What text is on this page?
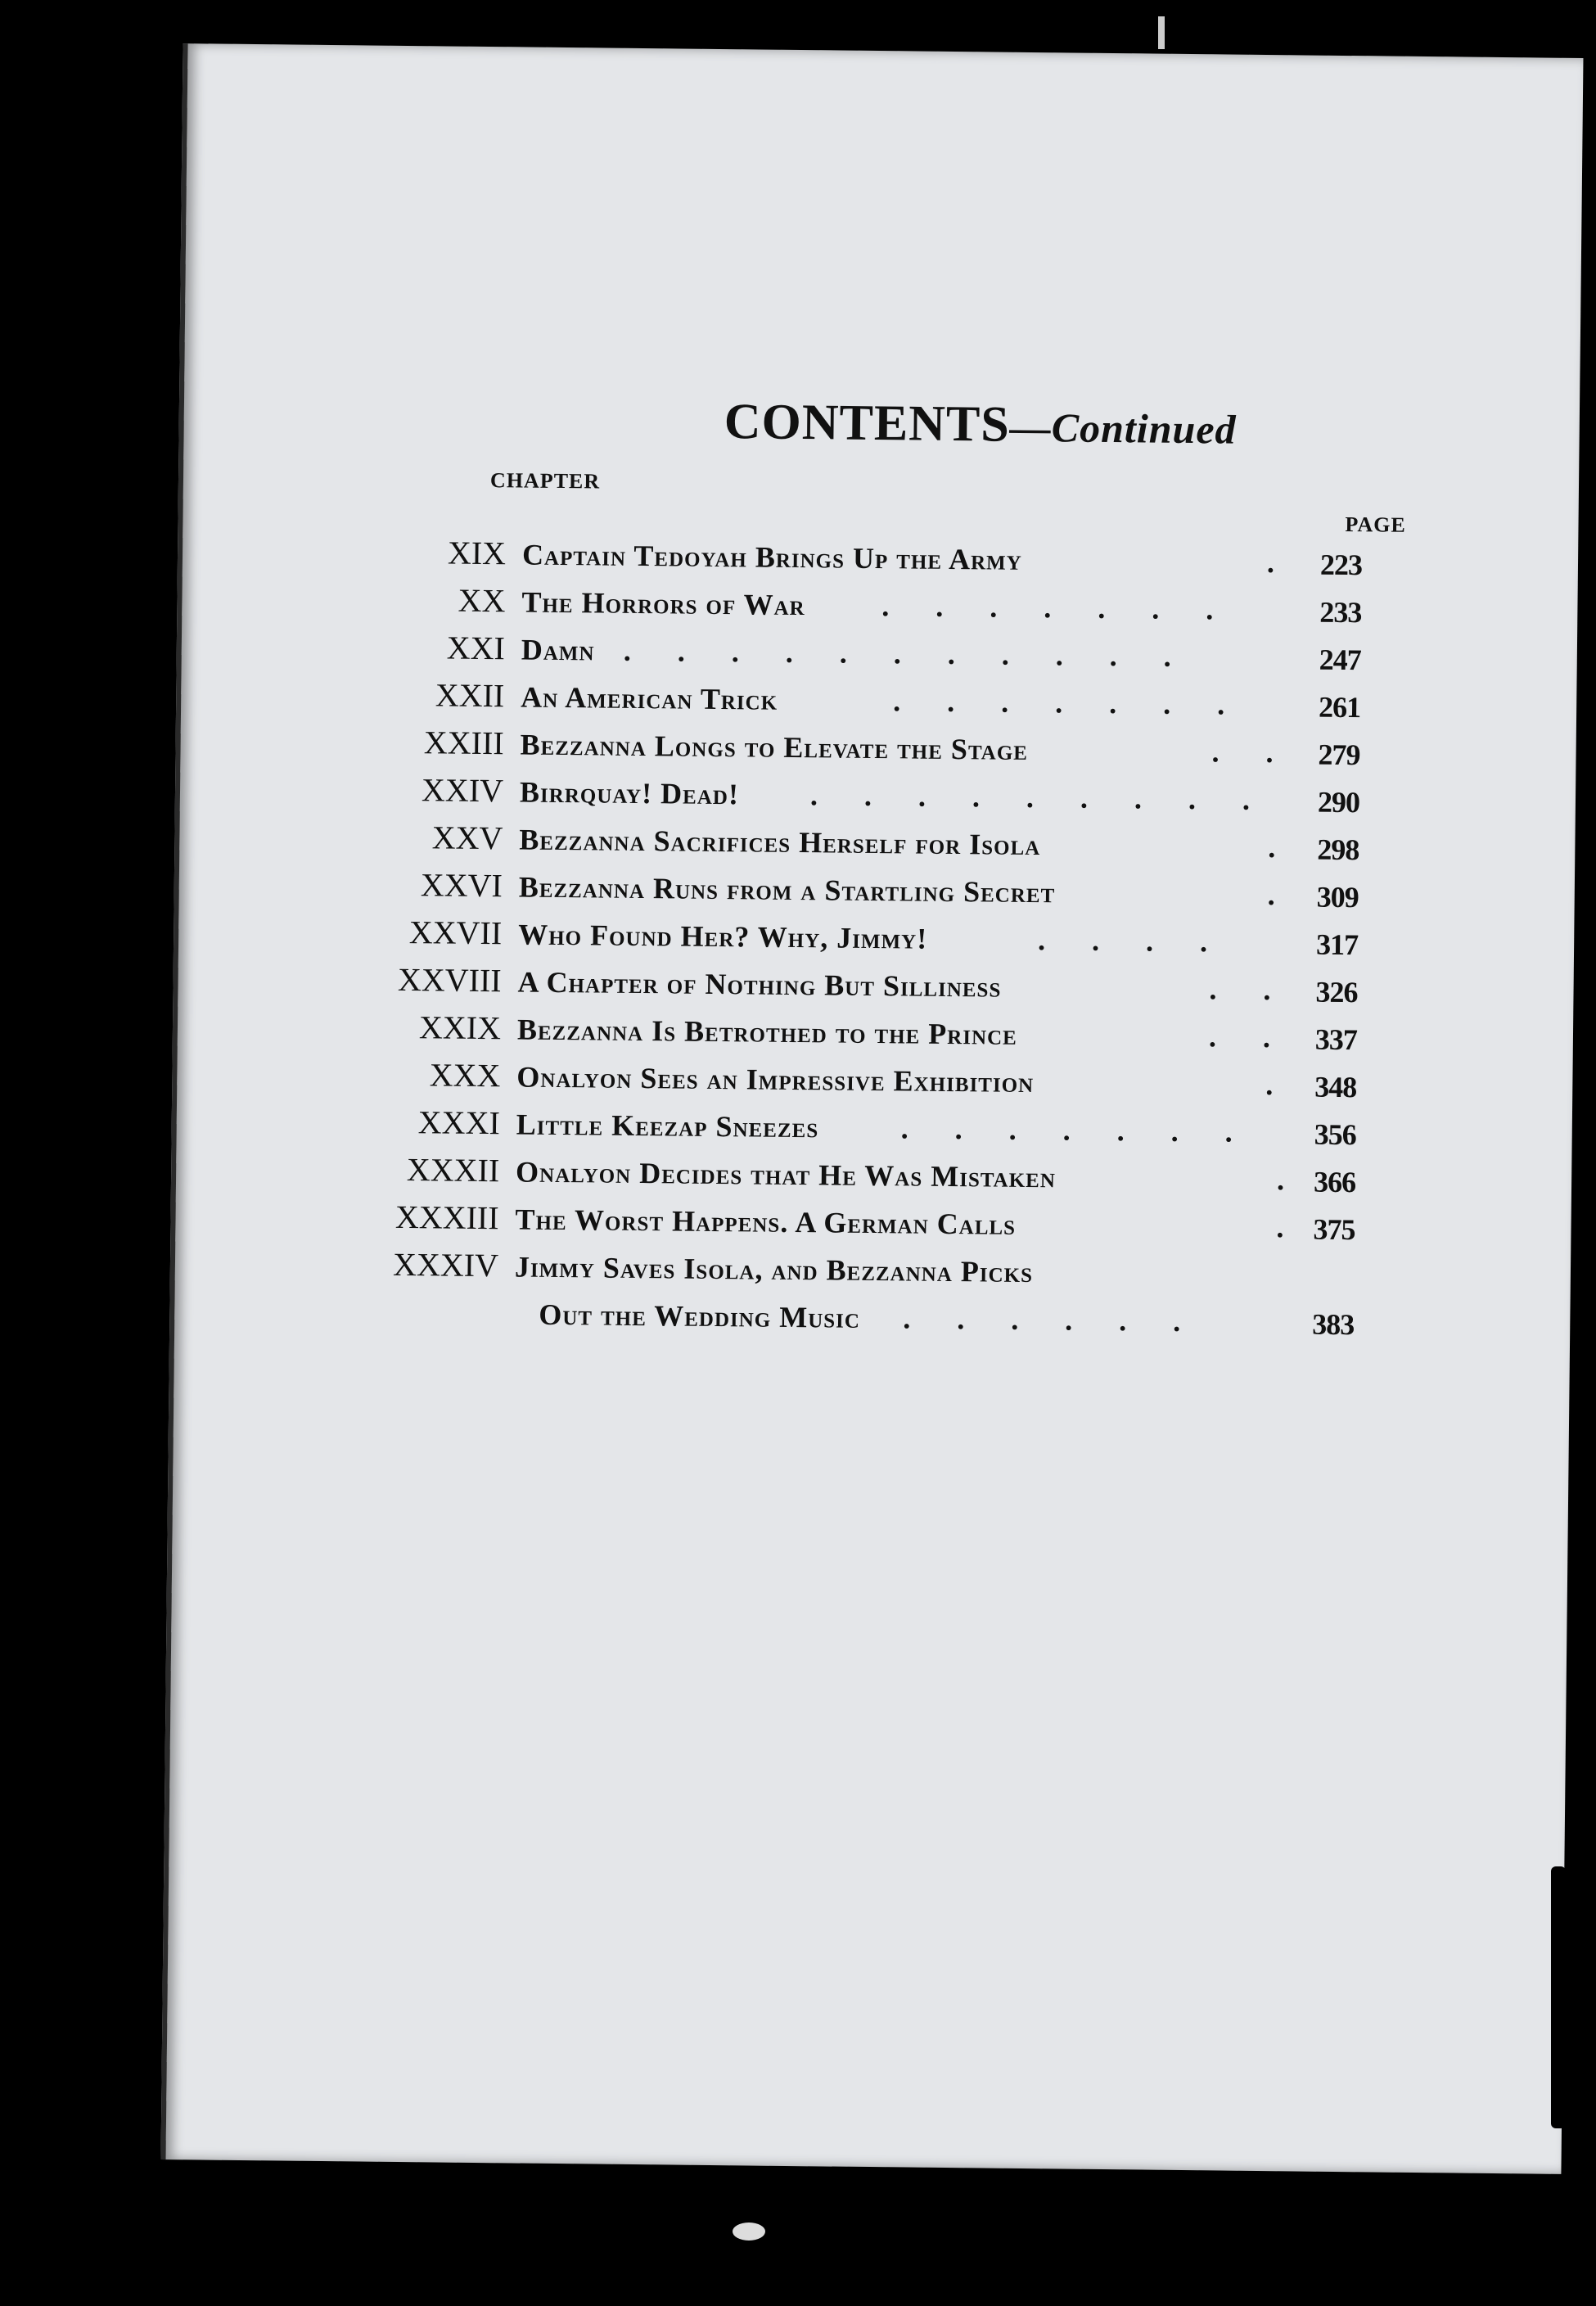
CONTENTS—Continued
CHAPTER
PAGE
XIX Captain Tedoyah Brings Up the Army	. 223
XX The Horrors of War	. . . . . . .	233
XXI Damn . . . . . . . . . . .	247
XXII An American Trick	. . . . . . .	261
XXIII Bezzanna Longs to Elevate the Stage	. . 279
XXIV Birrquay! Dead! . . . . . . . . . 290
XXV Bezzanna Sacrifices Herself for Isola	. 298
XXVI Bezzanna Runs from a Startling Secret	. 309
XXVII Who Found Her? Why, Jimmy!	. . . .	317
XXVIII A Chapter of Nothing But Silliness	. . 326
XXIX Bezzanna Is Betrothed to the Prince	. . 337
XXX Onalyon Sees an Impressive Exhibition	. 348
XXXI Little Keezap Sneezes	. . . . . . . 356
XXXII Onalyon Decides that He Was Mistaken	. 366
XXXIII The Worst Happens. A German Calls	. 375
XXXIV Jimmy Saves Isola, and Bezzanna Picks
Out the Wedding Music . . . . . .	383
